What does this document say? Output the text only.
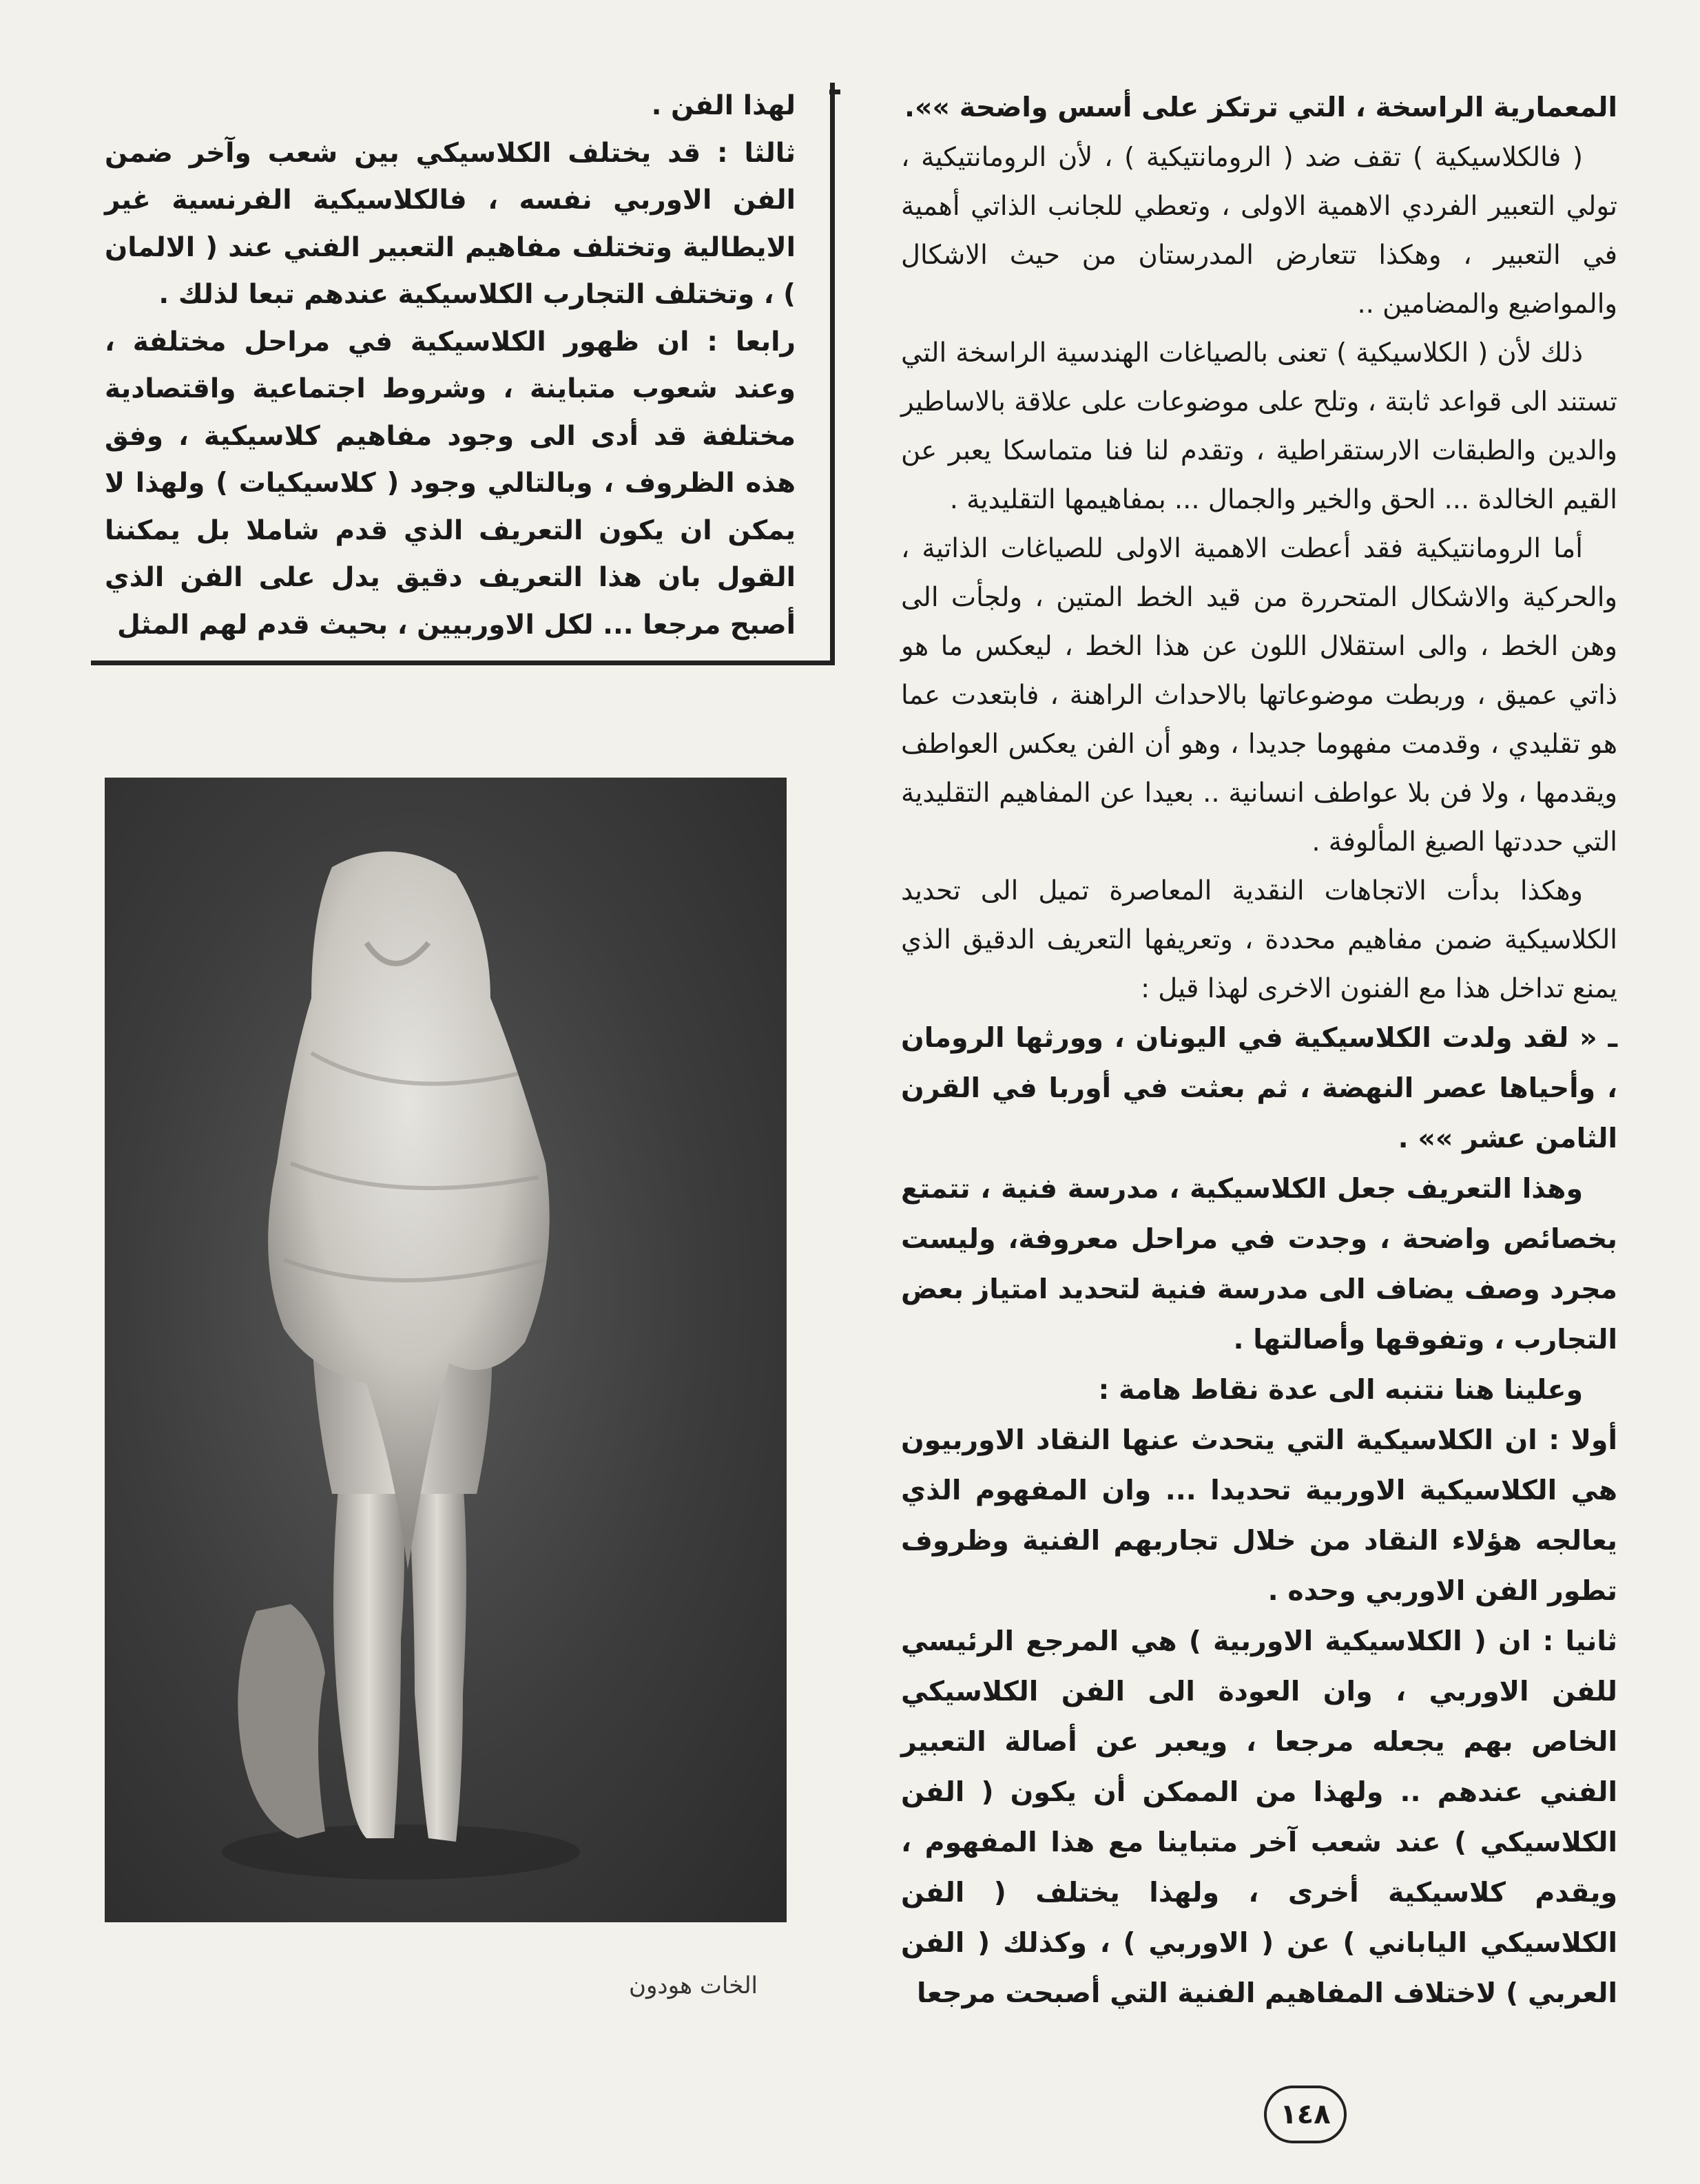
المعمارية الراسخة ، التي ترتكز على أسس واضحة »».

( فالكلاسيكية ) تقف ضد ( الرومانتيكية ) ، لأن الرومانتيكية ، تولي التعبير الفردي الاهمية الاولى ، وتعطي للجانب الذاتي أهمية في التعبير ، وهكذا تتعارض المدرستان من حيث الاشكال والمواضيع والمضامين ..

ذلك لأن ( الكلاسيكية ) تعنى بالصياغات الهندسية الراسخة التي تستند الى قواعد ثابتة ، وتلح على موضوعات على علاقة بالاساطير والدين والطبقات الارستقراطية ، وتقدم لنا فنا متماسكا يعبر عن القيم الخالدة ... الحق والخير والجمال ... بمفاهيمها التقليدية .

أما الرومانتيكية فقد أعطت الاهمية الاولى للصياغات الذاتية ، والحركية والاشكال المتحررة من قيد الخط المتين ، ولجأت الى وهن الخط ، والى استقلال اللون عن هذا الخط ، ليعكس ما هو ذاتي عميق ، وربطت موضوعاتها بالاحداث الراهنة ، فابتعدت عما هو تقليدي ، وقدمت مفهوما جديدا ، وهو أن الفن يعكس العواطف ويقدمها ، ولا فن بلا عواطف انسانية .. بعيدا عن المفاهيم التقليدية التي حددتها الصيغ المألوفة .

وهكذا بدأت الاتجاهات النقدية المعاصرة تميل الى تحديد الكلاسيكية ضمن مفاهيم محددة ، وتعريفها التعريف الدقيق الذي يمنع تداخل هذا مع الفنون الاخرى لهذا قيل :

ـ « لقد ولدت الكلاسيكية في اليونان ، وورثها الرومان ، وأحياها عصر النهضة ، ثم بعثت في أوربا في القرن الثامن عشر »» .

وهذا التعريف جعل الكلاسيكية ، مدرسة فنية ، تتمتع بخصائص واضحة ، وجدت في مراحل معروفة، وليست مجرد وصف يضاف الى مدرسة فنية لتحديد امتياز بعض التجارب ، وتفوقها وأصالتها .

وعلينا هنا نتنبه الى عدة نقاط هامة :

أولا : ان الكلاسيكية التي يتحدث عنها النقاد الاوربيون هي الكلاسيكية الاوربية تحديدا ... وان المفهوم الذي يعالجه هؤلاء النقاد من خلال تجاربهم الفنية وظروف تطور الفن الاوربي وحده .

ثانيا : ان ( الكلاسيكية الاوربية ) هي المرجع الرئيسي للفن الاوربي ، وان العودة الى الفن الكلاسيكي الخاص بهم يجعله مرجعا ، ويعبر عن أصالة التعبير الفني عندهم .. ولهذا من الممكن أن يكون ( الفن الكلاسيكي ) عند شعب آخر متباينا مع هذا المفهوم ، ويقدم كلاسيكية أخرى ، ولهذا يختلف ( الفن الكلاسيكي الياباني ) عن ( الاوربي ) ، وكذلك ( الفن العربي ) لاختلاف المفاهيم الفنية التي أصبحت مرجعا

لهذا الفن .

ثالثا : قد يختلف الكلاسيكي بين شعب وآخر ضمن الفن الاوربي نفسه ، فالكلاسيكية الفرنسية غير الايطالية وتختلف مفاهيم التعبير الفني عند ( الالمان ) ، وتختلف التجارب الكلاسيكية عندهم تبعا لذلك .

رابعا : ان ظهور الكلاسيكية في مراحل مختلفة ، وعند شعوب متباينة ، وشروط اجتماعية واقتصادية مختلفة قد أدى الى وجود مفاهيم كلاسيكية ، وفق هذه الظروف ، وبالتالي وجود ( كلاسيكيات ) ولهذا لا يمكن ان يكون التعريف الذي قدم شاملا بل يمكننا القول بان هذا التعريف دقيق يدل على الفن الذي أصبح مرجعا ... لكل الاوربيين ، بحيث قدم لهم المثل

الخات هودون
١٤٨
